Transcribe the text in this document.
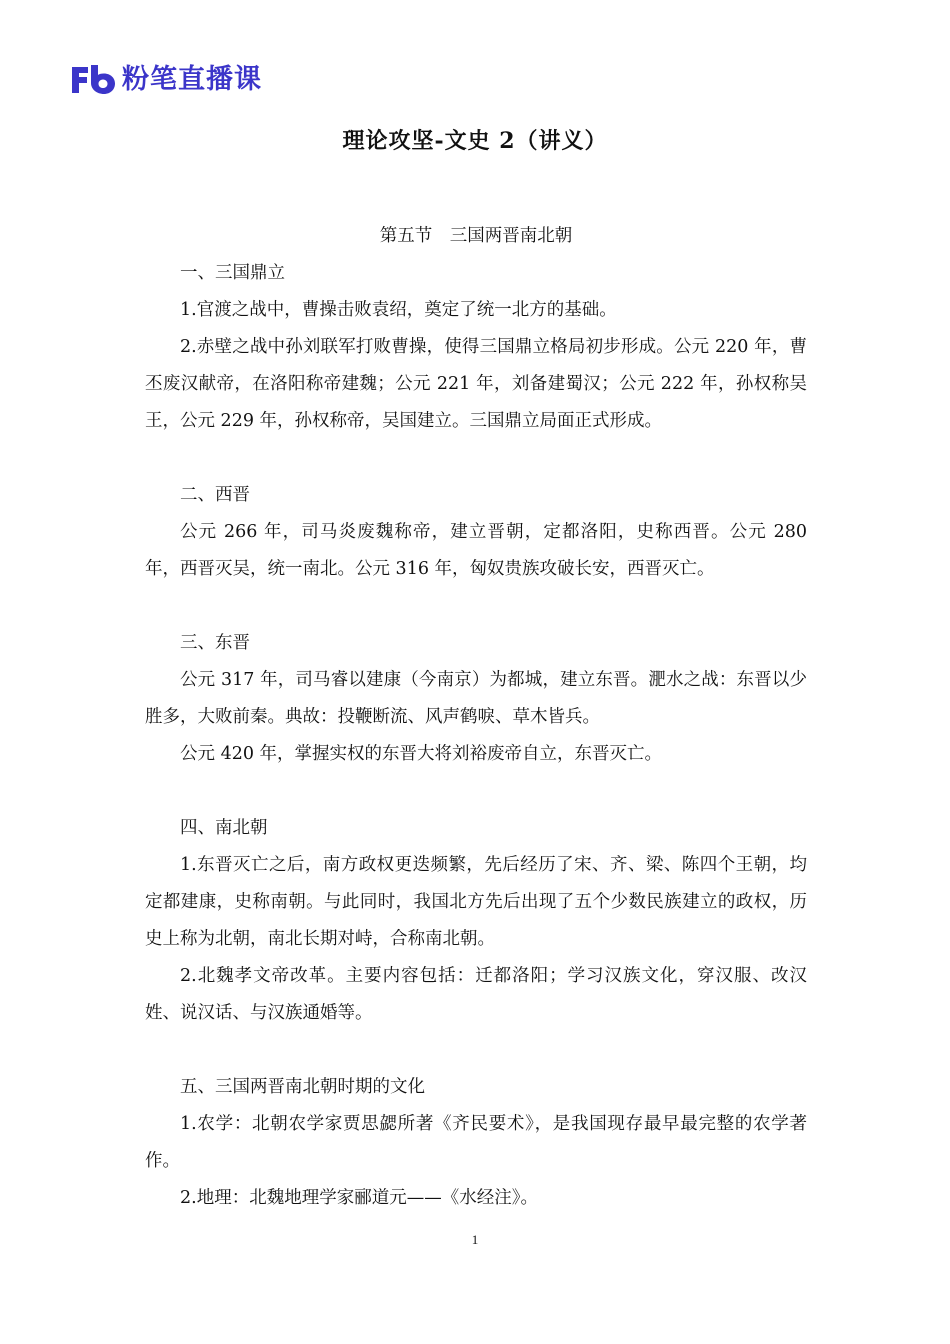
粉笔直播课
理论攻坚-文史 2（讲义）

第五节　三国两晋南北朝

一、三国鼎立

1.官渡之战中，曹操击败袁绍，奠定了统一北方的基础。

2.赤壁之战中孙刘联军打败曹操，使得三国鼎立格局初步形成。公元 220 年，曹丕废汉献帝，在洛阳称帝建魏；公元 221 年，刘备建蜀汉；公元 222 年，孙权称吴王，公元 229 年，孙权称帝，吴国建立。三国鼎立局面正式形成。

二、西晋

公元 266 年，司马炎废魏称帝，建立晋朝，定都洛阳，史称西晋。公元 280 年，西晋灭吴，统一南北。公元 316 年，匈奴贵族攻破长安，西晋灭亡。

三、东晋

公元 317 年，司马睿以建康（今南京）为都城，建立东晋。淝水之战：东晋以少胜多，大败前秦。典故：投鞭断流、风声鹤唳、草木皆兵。

公元 420 年，掌握实权的东晋大将刘裕废帝自立，东晋灭亡。

四、南北朝

1.东晋灭亡之后，南方政权更迭频繁，先后经历了宋、齐、梁、陈四个王朝，均定都建康，史称南朝。与此同时，我国北方先后出现了五个少数民族建立的政权，历史上称为北朝，南北长期对峙，合称南北朝。

2.北魏孝文帝改革。主要内容包括：迁都洛阳；学习汉族文化，穿汉服、改汉姓、说汉话、与汉族通婚等。

五、三国两晋南北朝时期的文化

1.农学：北朝农学家贾思勰所著《齐民要术》，是我国现存最早最完整的农学著作。

2.地理：北魏地理学家郦道元——《水经注》。

1
